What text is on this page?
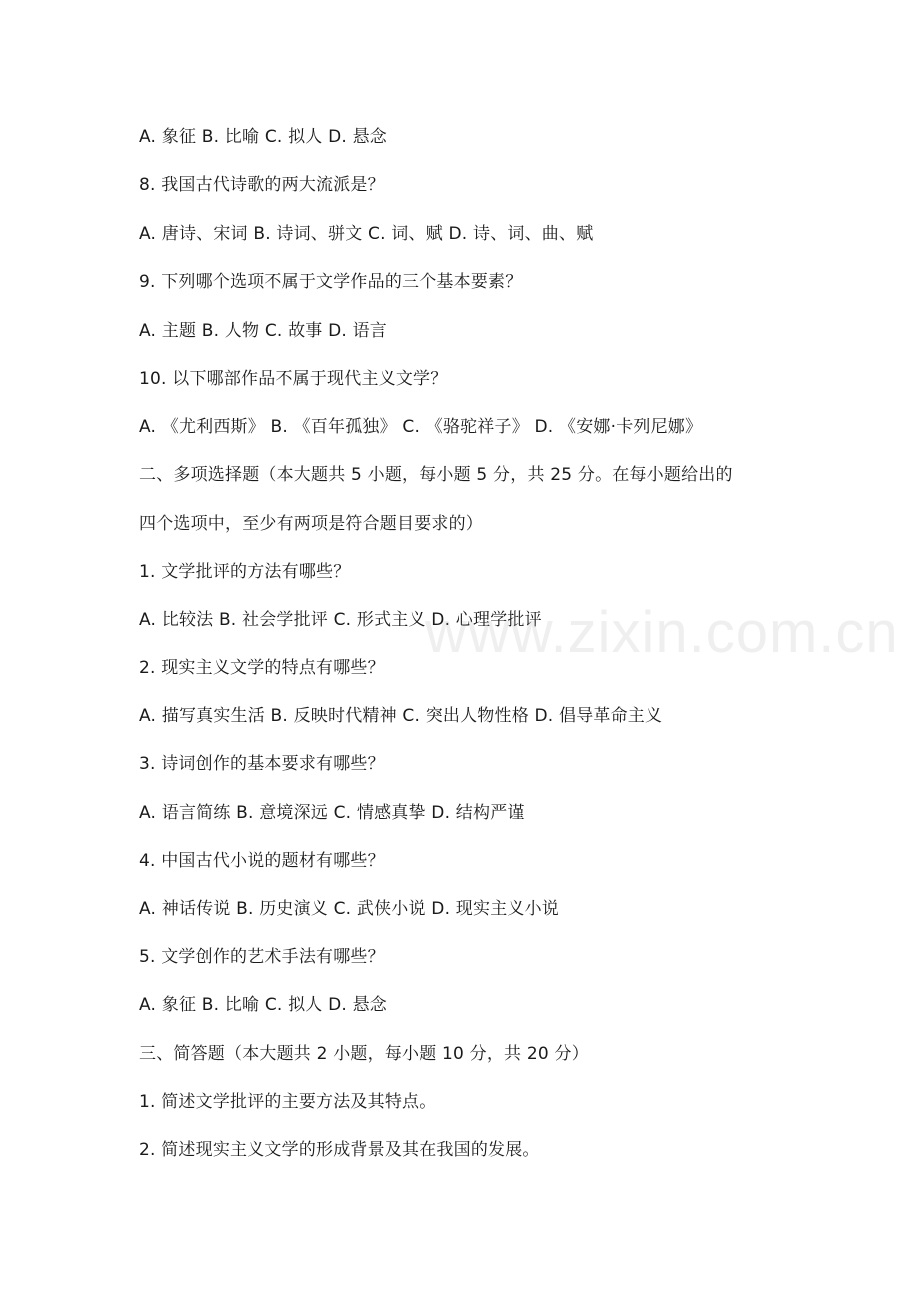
A. 象征 B. 比喻 C. 拟人 D. 悬念
8. 我国古代诗歌的两大流派是？
A. 唐诗、宋词 B. 诗词、骈文 C. 词、赋 D. 诗、词、曲、赋
9. 下列哪个选项不属于文学作品的三个基本要素？
A. 主题 B. 人物 C. 故事 D. 语言
10. 以下哪部作品不属于现代主义文学？
A. 《尤利西斯》 B. 《百年孤独》 C. 《骆驼祥子》 D. 《安娜·卡列尼娜》
二、多项选择题（本大题共 5 小题，每小题 5 分，共 25 分。在每小题给出的
四个选项中，至少有两项是符合题目要求的）
1. 文学批评的方法有哪些？
A. 比较法 B. 社会学批评 C. 形式主义 D. 心理学批评
2. 现实主义文学的特点有哪些？
A. 描写真实生活 B. 反映时代精神 C. 突出人物性格 D. 倡导革命主义
3. 诗词创作的基本要求有哪些？
A. 语言简练 B. 意境深远 C. 情感真挚 D. 结构严谨
4. 中国古代小说的题材有哪些？
A. 神话传说 B. 历史演义 C. 武侠小说 D. 现实主义小说
5. 文学创作的艺术手法有哪些？
A. 象征 B. 比喻 C. 拟人 D. 悬念
三、简答题（本大题共 2 小题，每小题 10 分，共 20 分）
1. 简述文学批评的主要方法及其特点。
2. 简述现实主义文学的形成背景及其在我国的发展。
www.zixin.com.cn
